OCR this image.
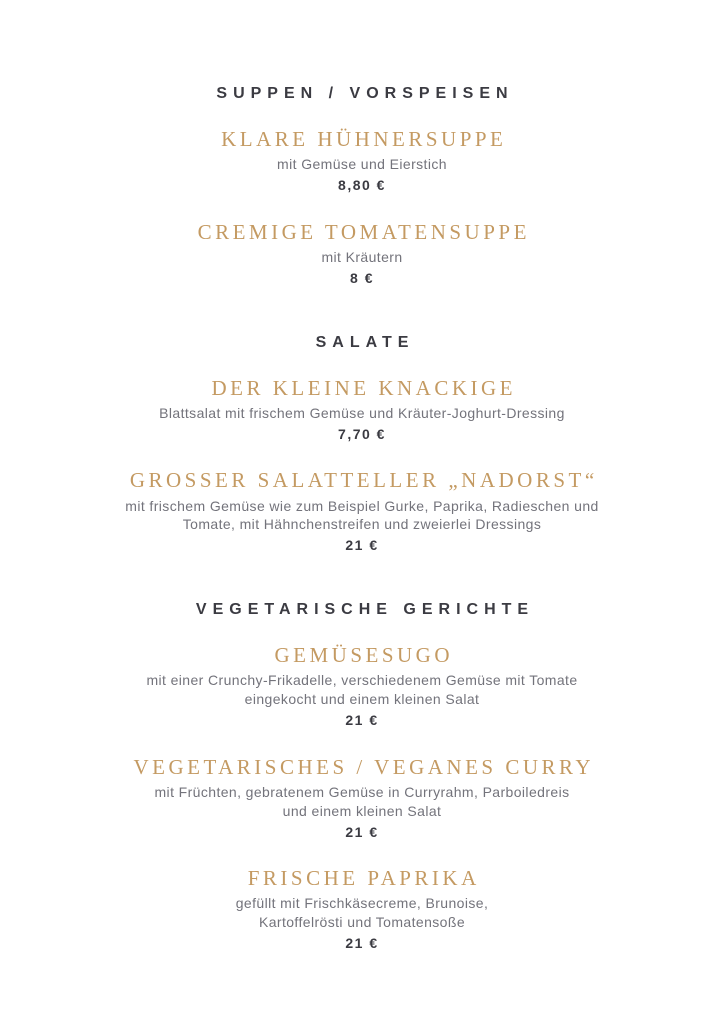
SUPPEN / VORSPEISEN
KLARE HÜHNERSUPPE

mit Gemüse und Eierstich

8,80 €

CREMIGE TOMATENSUPPE

mit Kräutern

8 €

SALATE
DER KLEINE KNACKIGE

Blattsalat mit frischem Gemüse und Kräuter-Joghurt-Dressing

7,70 €

GROSSER SALATTELLER „NADORST“

mit frischem Gemüse wie zum Beispiel Gurke, Paprika, Radieschen und
Tomate, mit Hähnchenstreifen und zweierlei Dressings

21 €

VEGETARISCHE GERICHTE
GEMÜSESUGO

mit einer Crunchy-Frikadelle, verschiedenem Gemüse mit Tomate
eingekocht und einem kleinen Salat

21 €

VEGETARISCHES / VEGANES CURRY

mit Früchten, gebratenem Gemüse in Curryrahm, Parboiledreis
und einem kleinen Salat

21 €

FRISCHE PAPRIKA

gefüllt mit Frischkäsecreme, Brunoise,
Kartoffelrösti und Tomatensoße

21 €
